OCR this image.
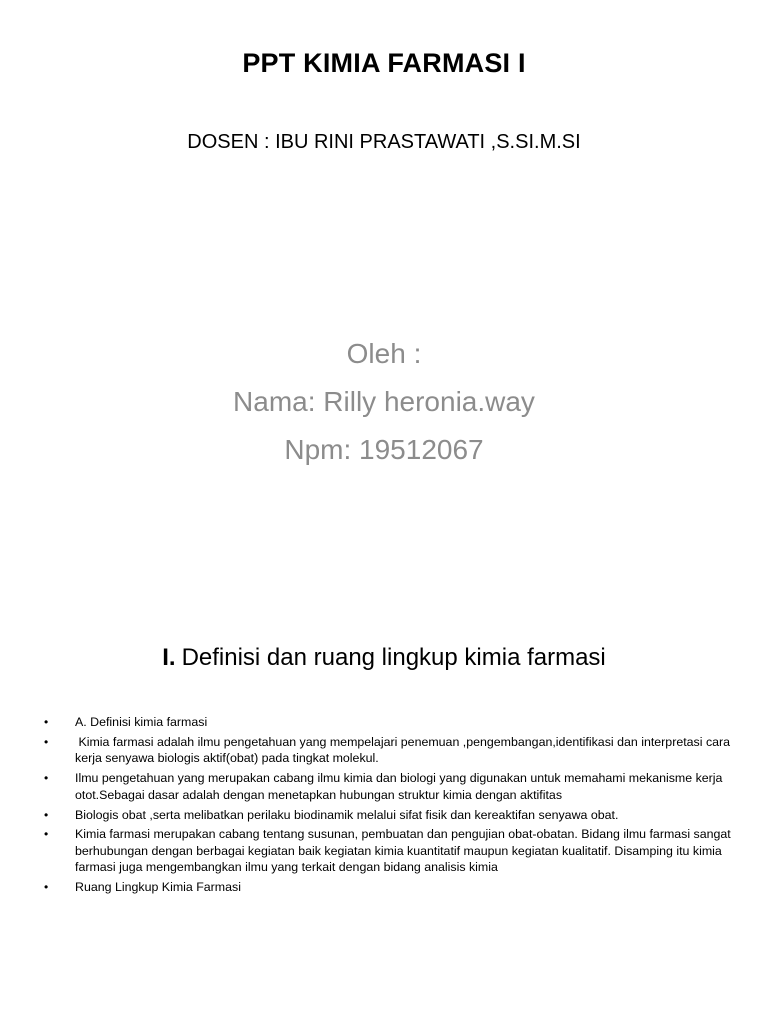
PPT KIMIA FARMASI I
DOSEN : IBU RINI PRASTAWATI ,S.SI.M.SI
Oleh :
Nama: Rilly heronia.way
Npm: 19512067
I. Definisi dan ruang lingkup kimia farmasi
• A. Definisi kimia farmasi
• Kimia farmasi adalah ilmu pengetahuan yang mempelajari penemuan ,pengembangan,identifikasi dan interpretasi cara kerja senyawa biologis aktif(obat) pada tingkat molekul.
• Ilmu pengetahuan yang merupakan cabang ilmu kimia dan biologi yang digunakan untuk memahami mekanisme kerja otot.Sebagai dasar adalah dengan menetapkan hubungan struktur kimia dengan aktifitas
• Biologis obat ,serta melibatkan perilaku biodinamik melalui sifat fisik dan kereaktifan senyawa obat.
• Kimia farmasi merupakan cabang tentang susunan, pembuatan dan pengujian obat-obatan. Bidang ilmu farmasi sangat berhubungan dengan berbagai kegiatan baik kegiatan kimia kuantitatif maupun kegiatan kualitatif. Disamping itu kimia farmasi juga mengembangkan ilmu yang terkait dengan bidang analisis kimia
• Ruang Lingkup Kimia Farmasi
